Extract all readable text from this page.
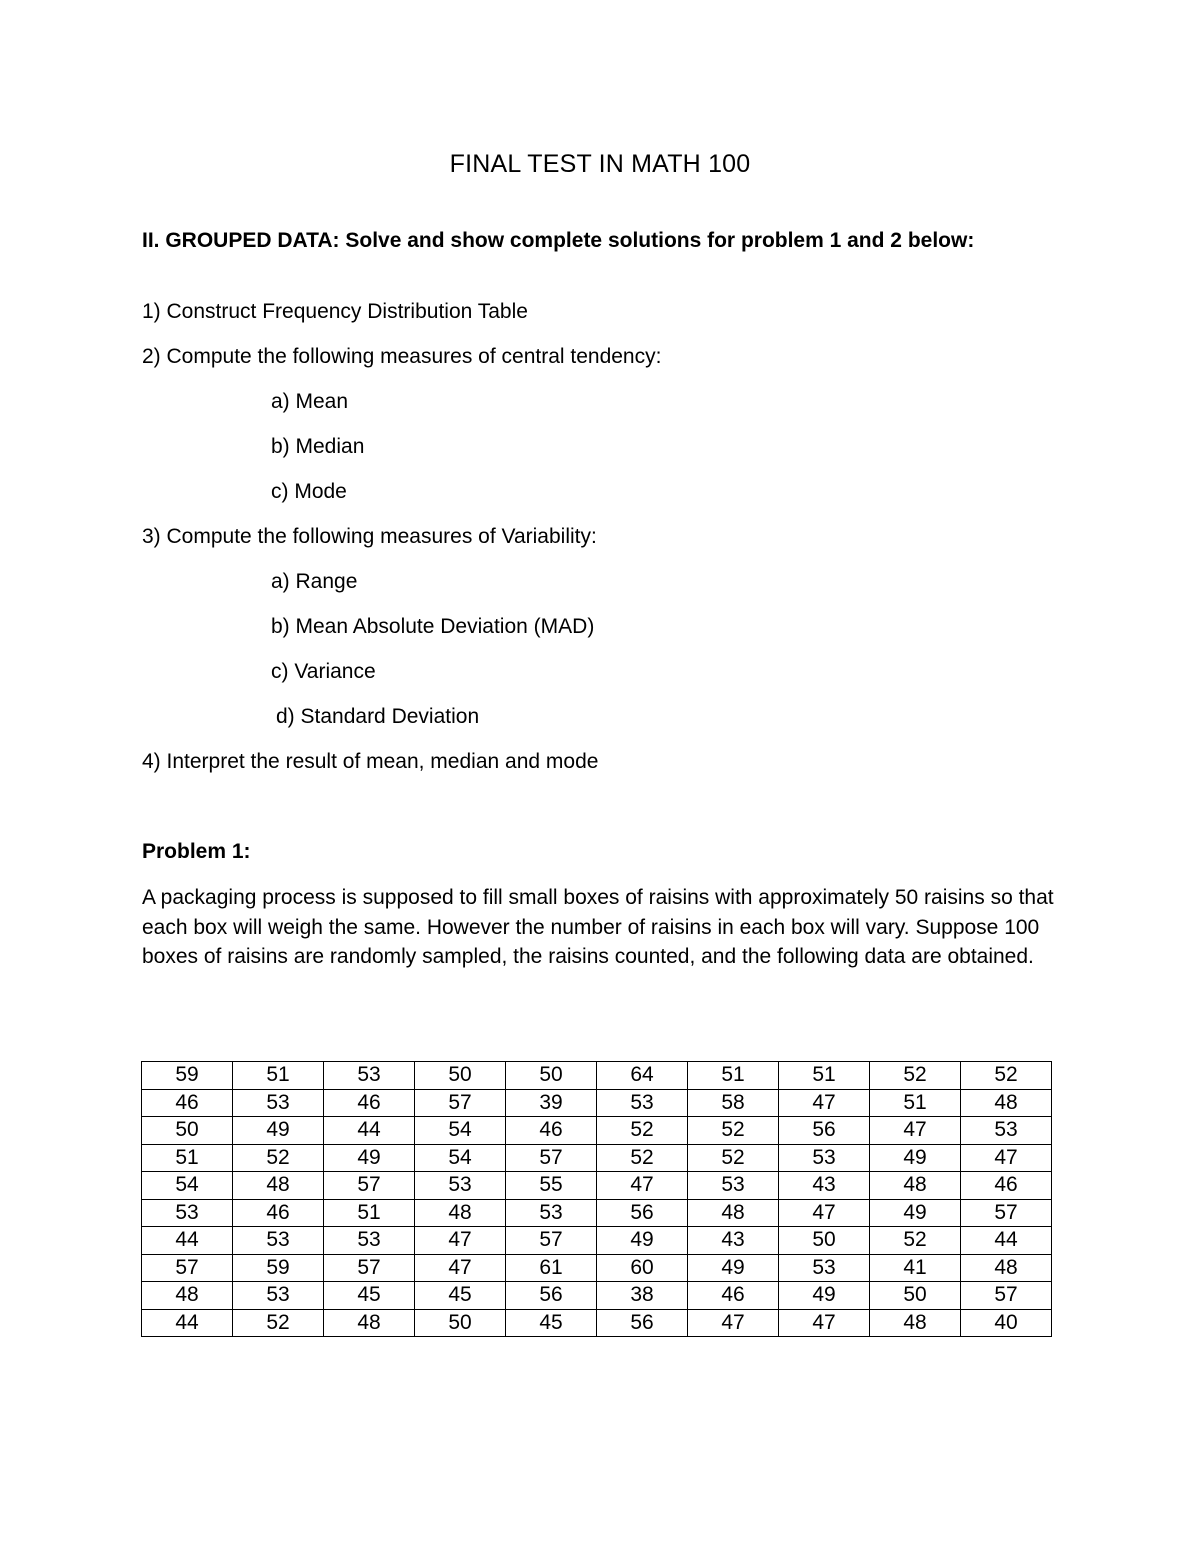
FINAL TEST IN MATH 100
II. GROUPED DATA: Solve and show complete solutions for problem 1 and 2 below:
1) Construct Frequency Distribution Table
2) Compute the following measures of central tendency:
a) Mean
b) Median
c) Mode
3) Compute the following measures of Variability:
a) Range
b) Mean Absolute Deviation (MAD)
c) Variance
d) Standard Deviation
4) Interpret the result of mean, median and mode
Problem 1:
A packaging process is supposed to fill small boxes of raisins with approximately 50 raisins so that each box will weigh the same. However the number of raisins in each box will vary. Suppose 100 boxes of raisins are randomly sampled, the raisins counted, and the following data are obtained.
59	51	53	50	50	64	51	51	52	52
46	53	46	57	39	53	58	47	51	48
50	49	44	54	46	52	52	56	47	53
51	52	49	54	57	52	52	53	49	47
54	48	57	53	55	47	53	43	48	46
53	46	51	48	53	56	48	47	49	57
44	53	53	47	57	49	43	50	52	44
57	59	57	47	61	60	49	53	41	48
48	53	45	45	56	38	46	49	50	57
44	52	48	50	45	56	47	47	48	40
